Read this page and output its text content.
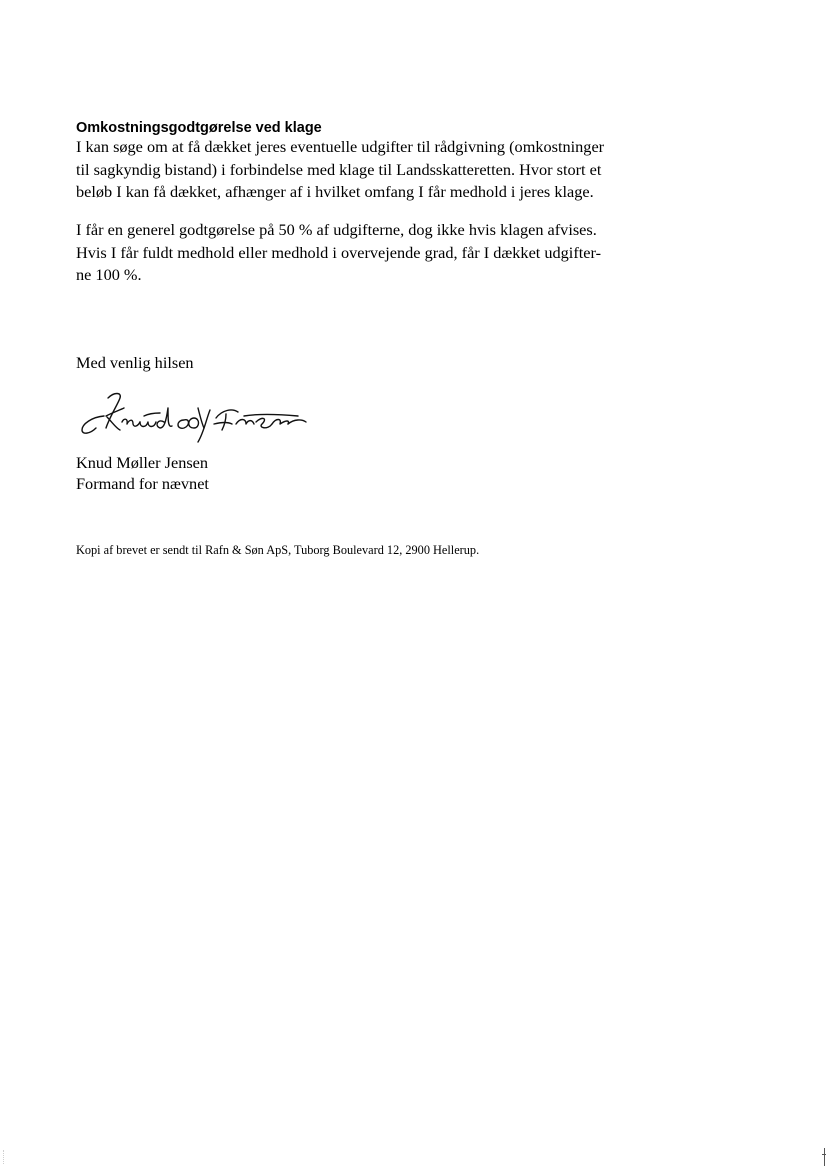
Omkostningsgodtgørelse ved klage
I kan søge om at få dækket jeres eventuelle udgifter til rådgivning (omkostninger
til sagkyndig bistand) i forbindelse med klage til Landsskatteretten. Hvor stort et
beløb I kan få dækket, afhænger af i hvilket omfang I får medhold i jeres klage.
I får en generel godtgørelse på 50 % af udgifterne, dog ikke hvis klagen afvises.
Hvis I får fuldt medhold eller medhold i overvejende grad, får I dækket udgifter-
ne 100 %.
Med venlig hilsen
Knud Møller Jensen
Formand for nævnet
Kopi af brevet er sendt til Rafn & Søn ApS, Tuborg Boulevard 12, 2900 Hellerup.
